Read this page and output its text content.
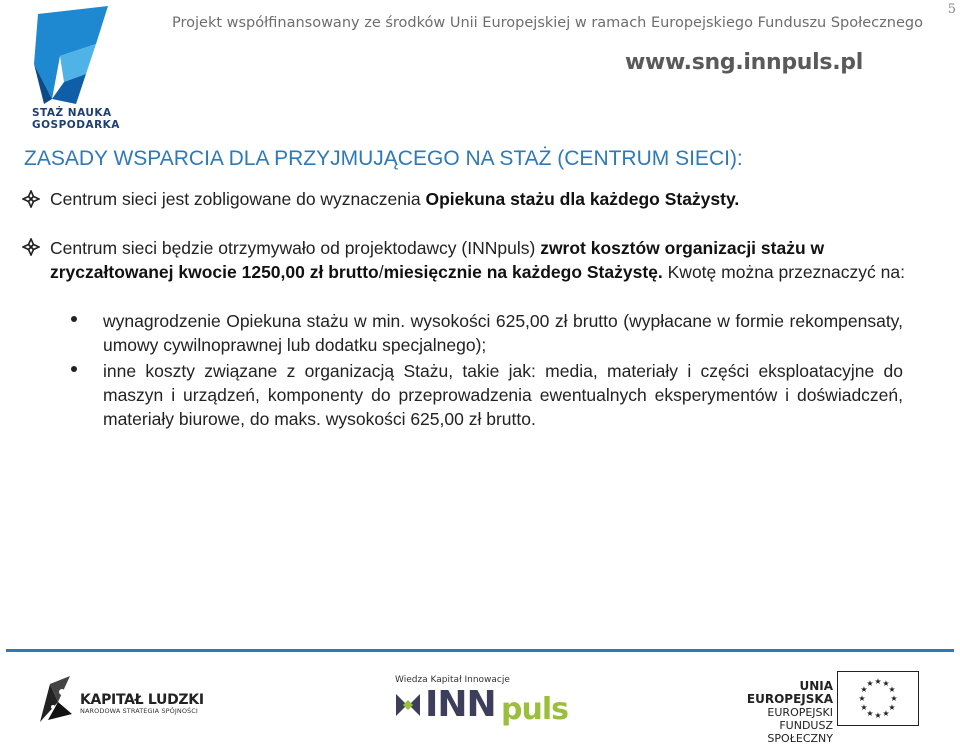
5
Projekt współfinansowany ze środków Unii Europejskiej w ramach Europejskiego Funduszu Społecznego
www.sng.innpuls.pl
STAŻ NAUKA
GOSPODARKA
ZASADY WSPARCIA DLA PRZYJMUJĄCEGO NA STAŻ (CENTRUM SIECI):
Centrum sieci jest zobligowane do wyznaczenia Opiekuna stażu dla każdego Stażysty.
Centrum sieci będzie otrzymywało od projektodawcy (INNpuls) zwrot kosztów organizacji stażu w zryczałtowanej kwocie 1250,00 zł brutto/miesięcznie na każdego Stażystę. Kwotę można przeznaczyć na:
wynagrodzenie Opiekuna stażu w min. wysokości 625,00 zł brutto (wypłacane w formie rekompensaty, umowy cywilnoprawnej lub dodatku specjalnego);
inne koszty związane z organizacją Stażu, takie jak: media, materiały i części eksploatacyjne do maszyn i urządzeń, komponenty do przeprowadzenia ewentualnych eksperymentów i doświadczeń, materiały biurowe, do maks. wysokości 625,00 zł brutto.
KAPITAŁ LUDZKI
NARODOWA STRATEGIA SPÓJNOŚCI
Wiedza Kapitał Innowacje
INN puls
UNIA EUROPEJSKA
EUROPEJSKI
FUNDUSZ SPOŁECZNY
★ ★
★
★
★
★
★
★
★
★
★
★
